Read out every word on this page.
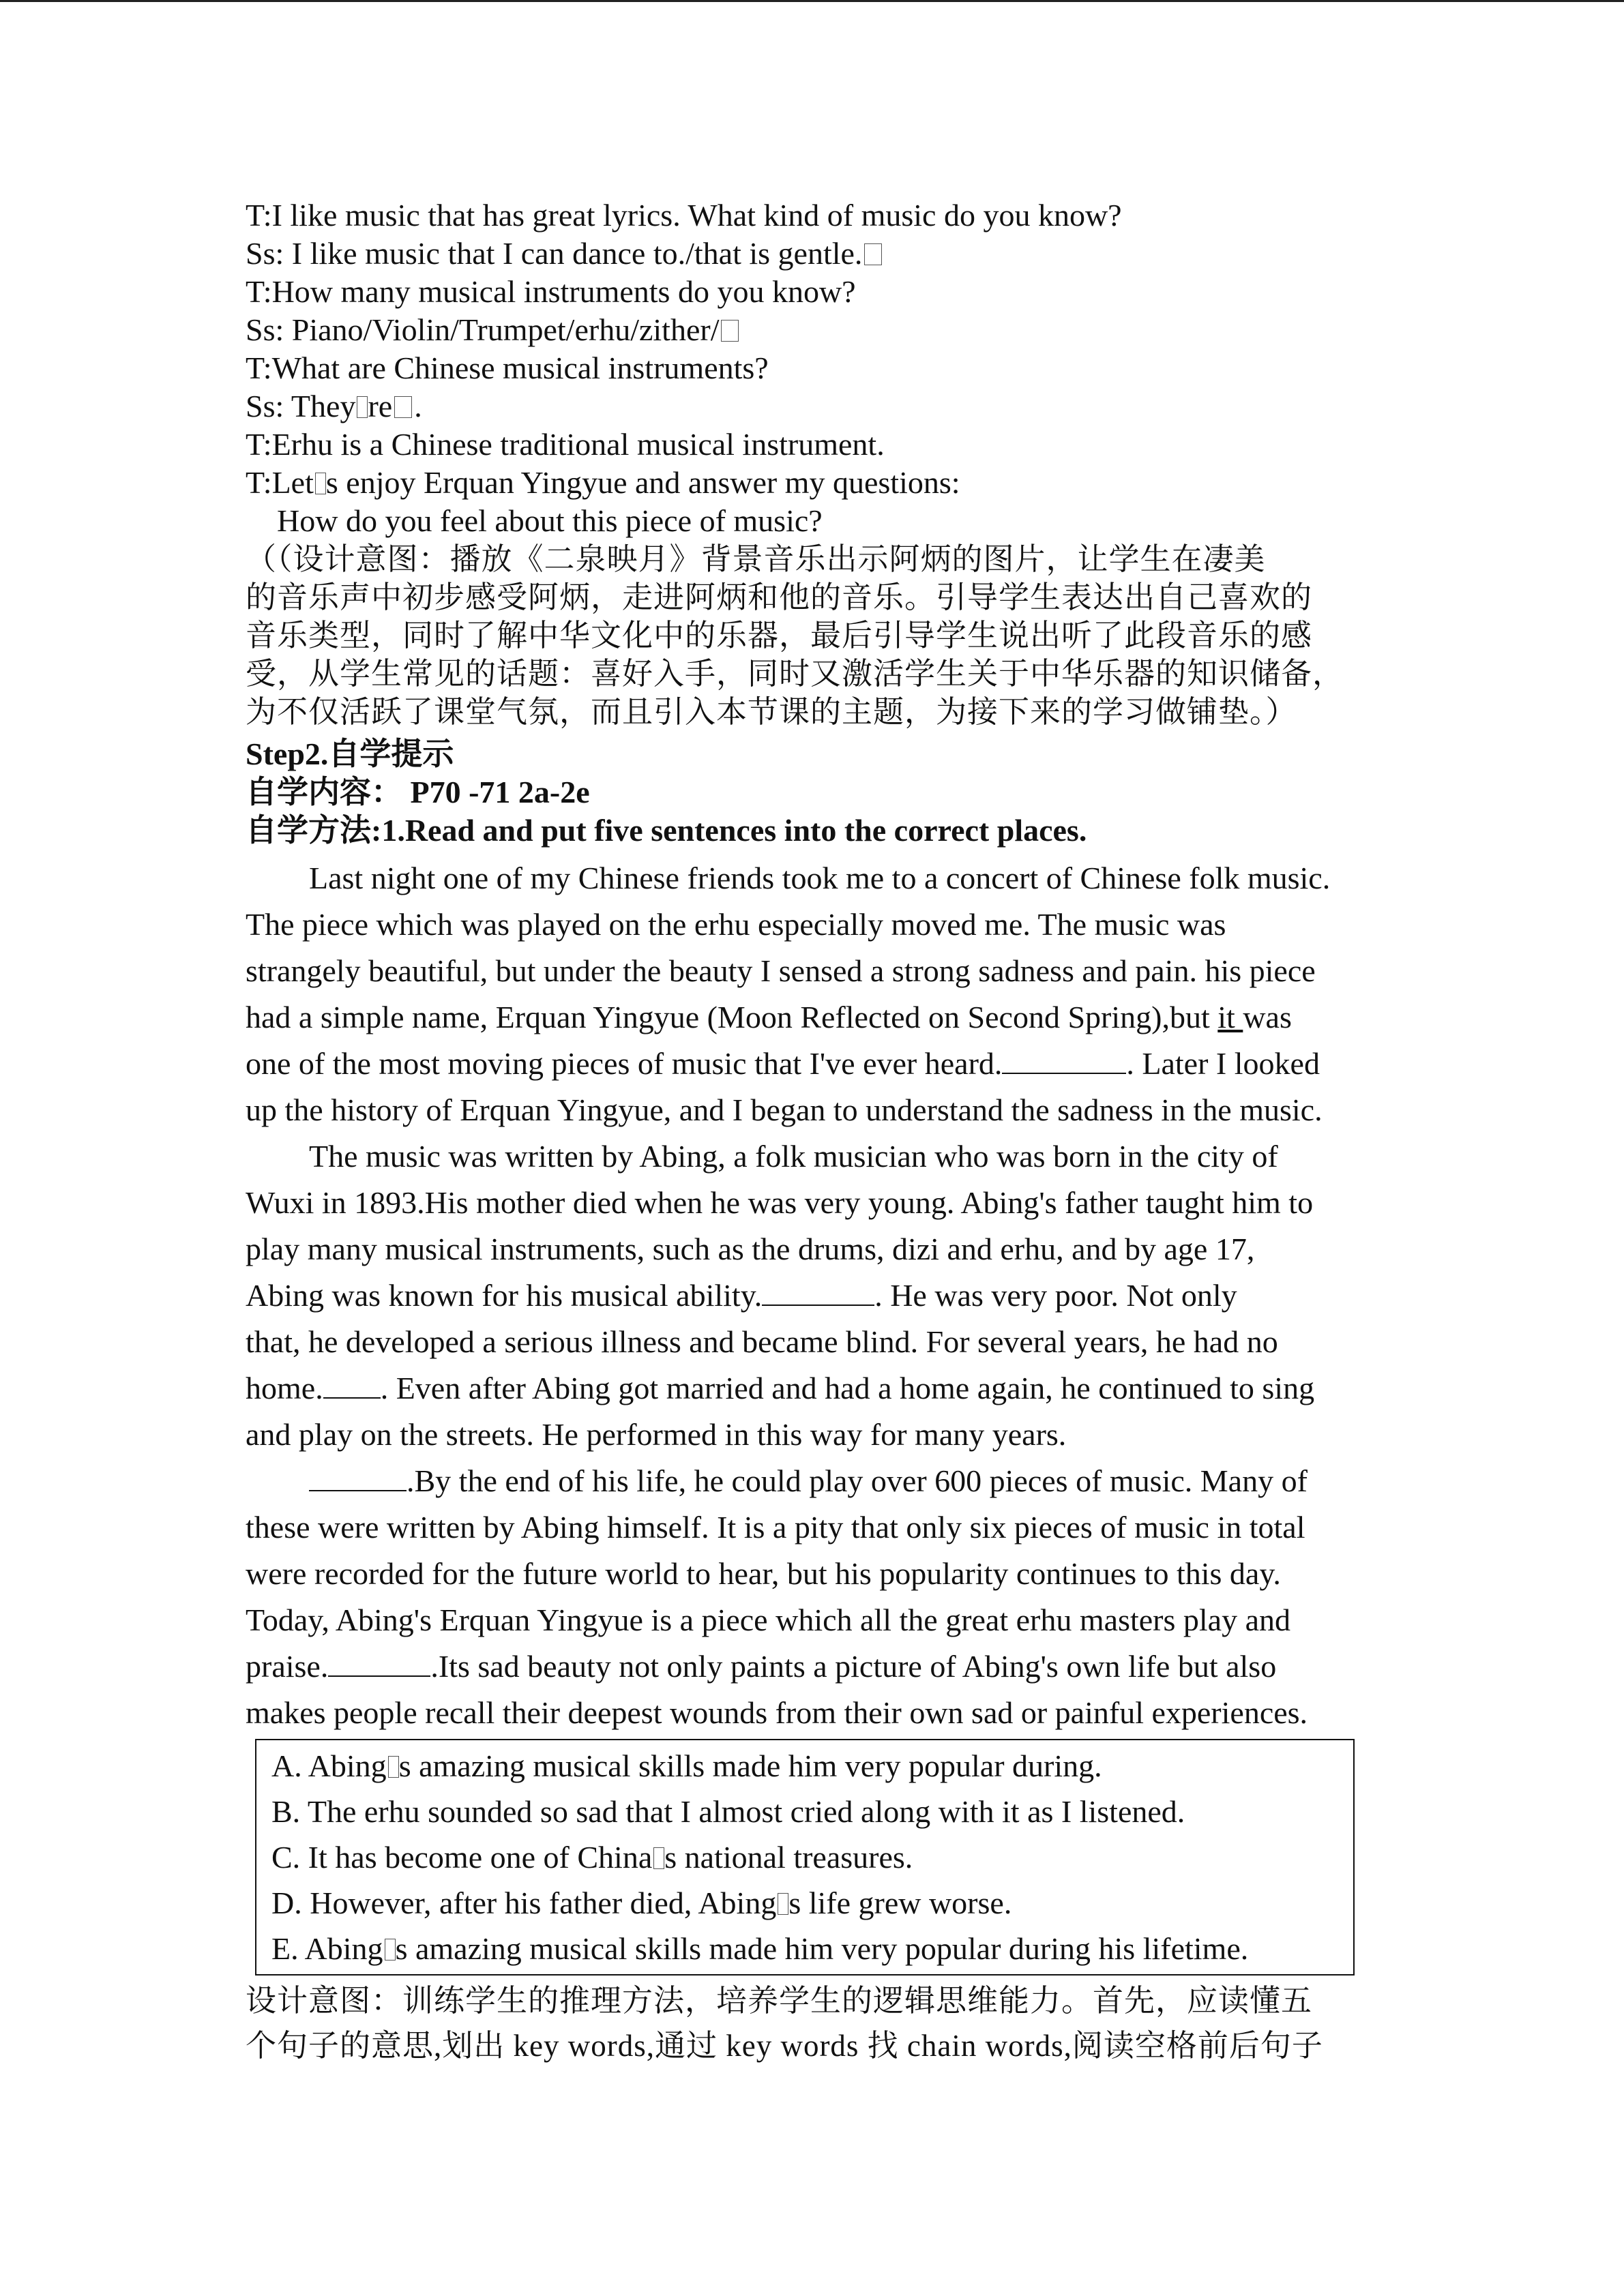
T:I like music that has great lyrics. What kind of music do you know?
Ss: I like music that I can dance to./that is gentle.
T:How many musical instruments do you know?
Ss: Piano/Violin/Trumpet/erhu/zither/
T:What are Chinese musical instruments?
Ss: They re .
T:Erhu is a Chinese traditional musical instrument.
T:Let s enjoy Erquan Yingyue and answer my questions:
How do you feel about this piece of music?

（（设计意图：播放《二泉映月》背景音乐出示阿炳的图片，让学生在凄美

的音乐声中初步感受阿炳，走进阿炳和他的音乐。引导学生表达出自己喜欢的

音乐类型，同时了解中华文化中的乐器，最后引导学生说出听了此段音乐的感

受，从学生常见的话题：喜好入手，同时又激活学生关于中华乐器的知识储备，

为不仅活跃了课堂气氛，而且引入本节课的主题，为接下来的学习做铺垫。）

Step2.自学提示
自学内容： P70 -71 2a-2e
自学方法:1.Read and put five sentences into the correct places.
Last night one of my Chinese friends took me to a concert of Chinese folk music.
The piece which was played on the erhu especially moved me. The music was
strangely beautiful, but under the beauty I sensed a strong sadness and pain. his piece
had a simple name, Erquan Yingyue (Moon Reflected on Second Spring),but it was
one of the most moving pieces of music that I've ever heard.	. Later I looked
up the history of Erquan Yingyue, and I began to understand the sadness in the music.
The music was written by Abing, a folk musician who was born in the city of
Wuxi in 1893.His mother died when he was very young. Abing's father taught him to
play many musical instruments, such as the drums, dizi and erhu, and by age 17,
Abing was known for his musical ability.	. He was very poor. Not only
that, he developed a serious illness and became blind. For several years, he had no
home. . Even after Abing got married and had a home again, he continued to sing
and play on the streets. He performed in this way for many years.
.By the end of his life, he could play over 600 pieces of music. Many of
these were written by Abing himself. It is a pity that only six pieces of music in total
were recorded for the future world to hear, but his popularity continues to this day.
Today, Abing's Erquan Yingyue is a piece which all the great erhu masters play and
praise.	.Its sad beauty not only paints a picture of Abing's own life but also
makes people recall their deepest wounds from their own sad or painful experiences.
A. Abing s amazing musical skills made him very popular during.
B. The erhu sounded so sad that I almost cried along with it as I listened.
C. It has become one of China s national treasures.
D. However, after his father died, Abing s life grew worse.
E. Abing s amazing musical skills made him very popular during his lifetime.

设计意图：训练学生的推理方法，培养学生的逻辑思维能力。首先，应读懂五

个句子的意思,划出 key words,通过 key words 找 chain words,阅读空格前后句子
